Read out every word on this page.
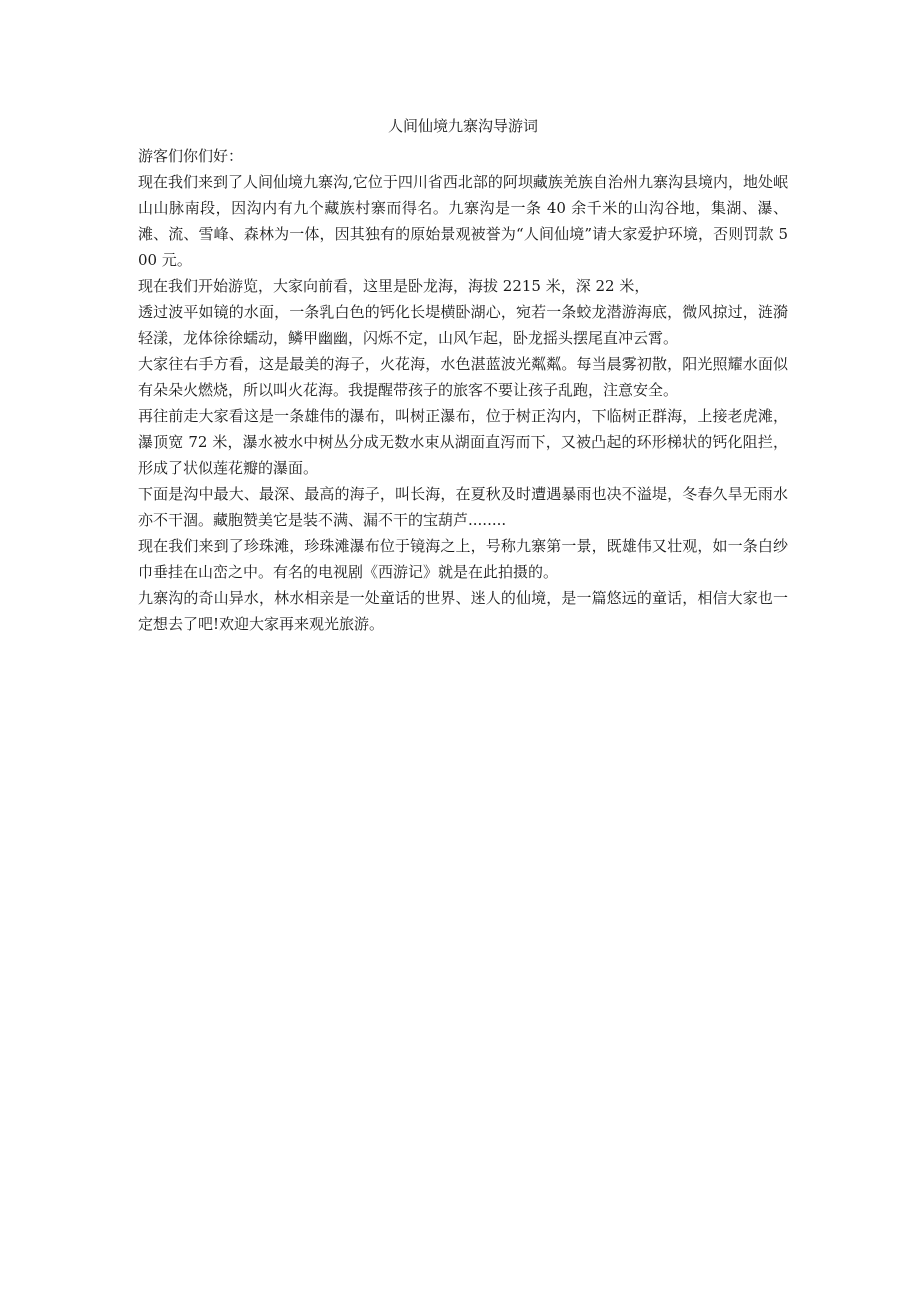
人间仙境九寨沟导游词

游客们你们好：

现在我们来到了人间仙境九寨沟,它位于四川省西北部的阿坝藏族羌族自治州九寨沟县境内，地处岷山山脉南段，因沟内有九个藏族村寨而得名。九寨沟是一条 40 余千米的山沟谷地，集湖、瀑、滩、流、雪峰、森林为一体，因其独有的原始景观被誉为“人间仙境”请大家爱护环境，否则罚款 500 元。

现在我们开始游览，大家向前看，这里是卧龙海，海拔 2215 米，深 22 米，

透过波平如镜的水面，一条乳白色的钙化长堤横卧湖心，宛若一条蛟龙潜游海底，微风掠过，涟漪轻漾，龙体徐徐蠕动，鳞甲幽幽，闪烁不定，山风乍起，卧龙摇头摆尾直冲云霄。

大家往右手方看，这是最美的海子，火花海，水色湛蓝波光粼粼。每当晨雾初散，阳光照耀水面似有朵朵火燃烧，所以叫火花海。我提醒带孩子的旅客不要让孩子乱跑，注意安全。

再往前走大家看这是一条雄伟的瀑布，叫树正瀑布，位于树正沟内，下临树正群海，上接老虎滩，瀑顶宽 72 米，瀑水被水中树丛分成无数水束从湖面直泻而下，又被凸起的环形梯状的钙化阻拦，形成了状似莲花瓣的瀑面。

下面是沟中最大、最深、最高的海子，叫长海，在夏秋及时遭遇暴雨也决不溢堤，冬春久旱无雨水亦不干涸。藏胞赞美它是装不满、漏不干的宝葫芦........

现在我们来到了珍珠滩，珍珠滩瀑布位于镜海之上，号称九寨第一景，既雄伟又壮观，如一条白纱巾垂挂在山峦之中。有名的电视剧《西游记》就是在此拍摄的。

九寨沟的奇山异水，林水相亲是一处童话的世界、迷人的仙境，是一篇悠远的童话，相信大家也一定想去了吧!欢迎大家再来观光旅游。
